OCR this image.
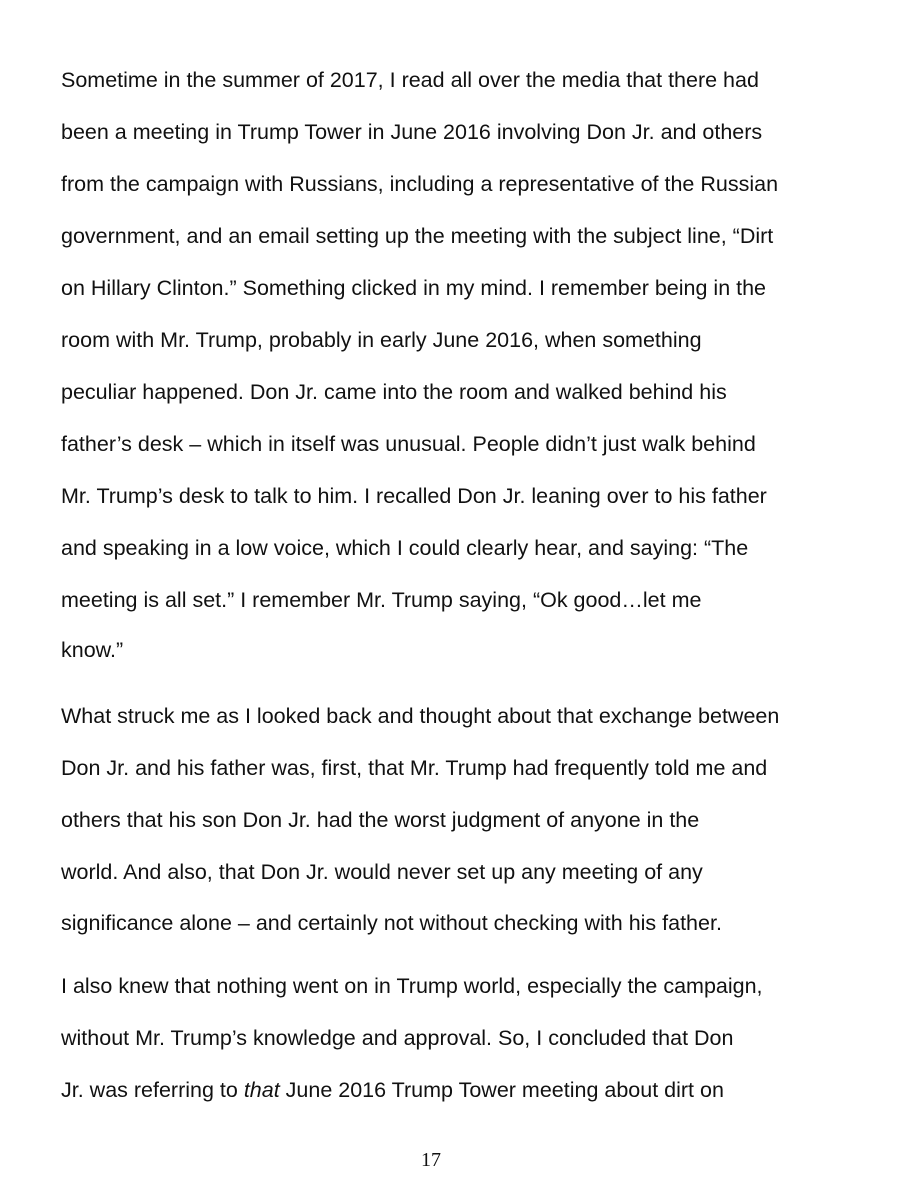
Sometime in the summer of 2017, I read all over the media that there had

been a meeting in Trump Tower in June 2016 involving Don Jr. and others

from the campaign with Russians, including a representative of the Russian

government, and an email setting up the meeting with the subject line, “Dirt

on Hillary Clinton.” Something clicked in my mind. I remember being in the

room with Mr. Trump, probably in early June 2016, when something

peculiar happened. Don Jr. came into the room and walked behind his

father’s desk – which in itself was unusual. People didn’t just walk behind

Mr. Trump’s desk to talk to him. I recalled Don Jr. leaning over to his father

and speaking in a low voice, which I could clearly hear, and saying: “The

meeting is all set.” I remember Mr. Trump saying, “Ok good…let me

know.”

What struck me as I looked back and thought about that exchange between

Don Jr. and his father was, first, that Mr. Trump had frequently told me and

others that his son Don Jr. had the worst judgment of anyone in the

world. And also, that Don Jr. would never set up any meeting of any

significance alone – and certainly not without checking with his father.

I also knew that nothing went on in Trump world, especially the campaign,

without Mr. Trump’s knowledge and approval. So, I concluded that Don

Jr. was referring to that June 2016 Trump Tower meeting about dirt on

17
